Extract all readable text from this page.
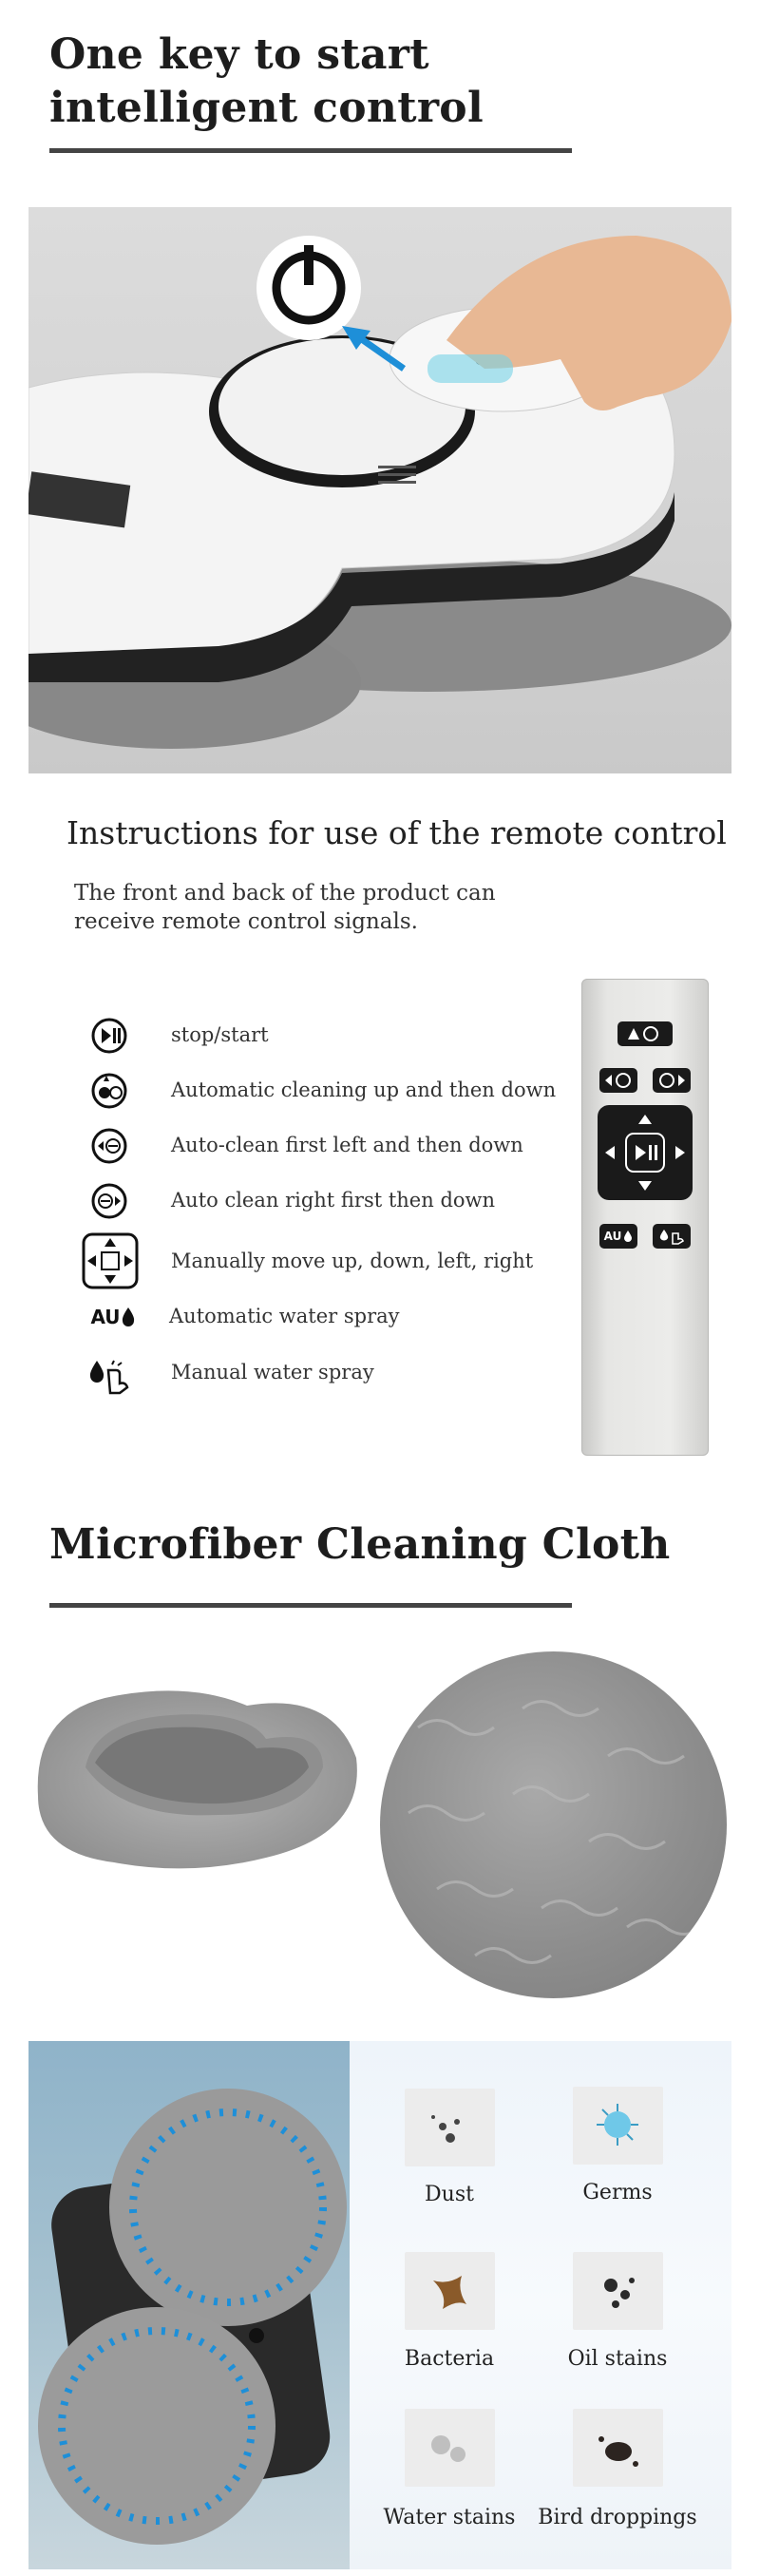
One key to start
intelligent control
Instructions for use of the remote control
The front and back of the product can
receive remote control signals.
stop/start
Automatic cleaning up and then down
Auto-clean first left and then down
Auto clean right first then down
Manually move up, down, left, right
AU Automatic water spray
Manual water spray
AU
Microfiber Cleaning Cloth
Dust	Germs
Bacteria	Oil stains
Water stains	Bird droppings
